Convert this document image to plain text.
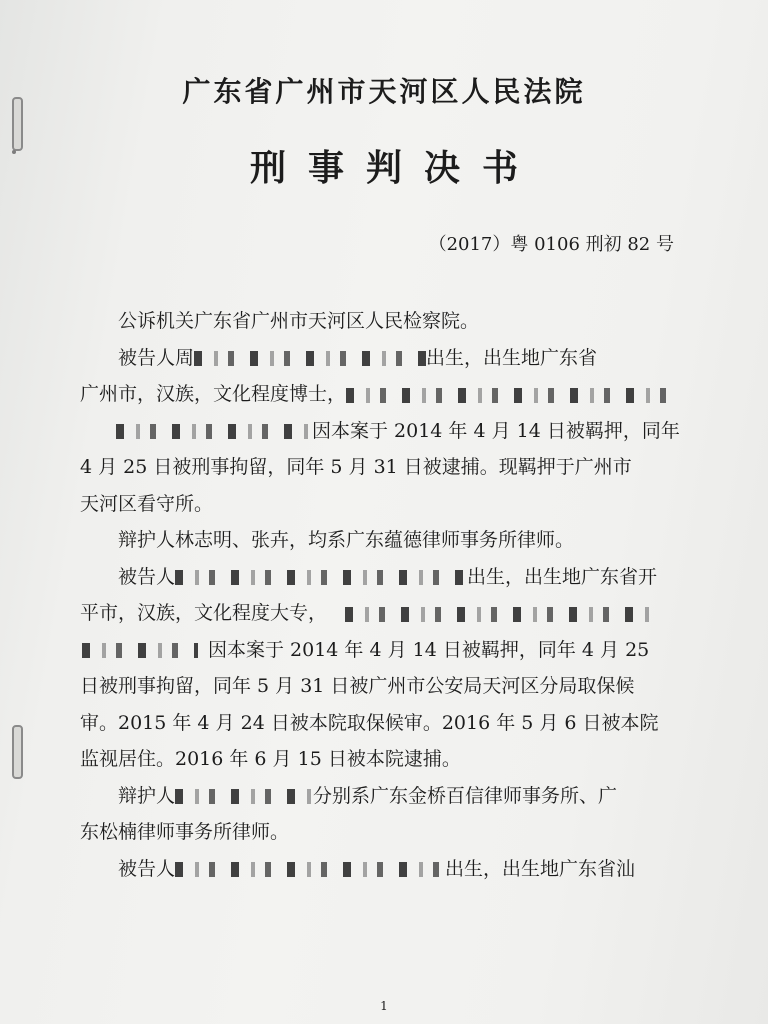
广东省广州市天河区人民法院
刑事判决书
（2017）粤 0106 刑初 82 号
公诉机关广东省广州市天河区人民检察院。
被告人周	出生，出生地广东省
广州市，汉族，文化程度博士，
因本案于 2014 年 4 月 14 日被羁押，同年
4 月 25 日被刑事拘留，同年 5 月 31 日被逮捕。现羁押于广州市
天河区看守所。
辩护人林志明、张卉，均系广东蕴德律师事务所律师。
被告人	出生，出生地广东省开
平市，汉族，文化程度大专，
因本案于 2014 年 4 月 14 日被羁押，同年 4 月 25
日被刑事拘留，同年 5 月 31 日被广州市公安局天河区分局取保候
审。2015 年 4 月 24 日被本院取保候审。2016 年 5 月 6 日被本院
监视居住。2016 年 6 月 15 日被本院逮捕。
辩护人	分别系广东金桥百信律师事务所、广
东松楠律师事务所律师。
被告人	出生，出生地广东省汕
1
